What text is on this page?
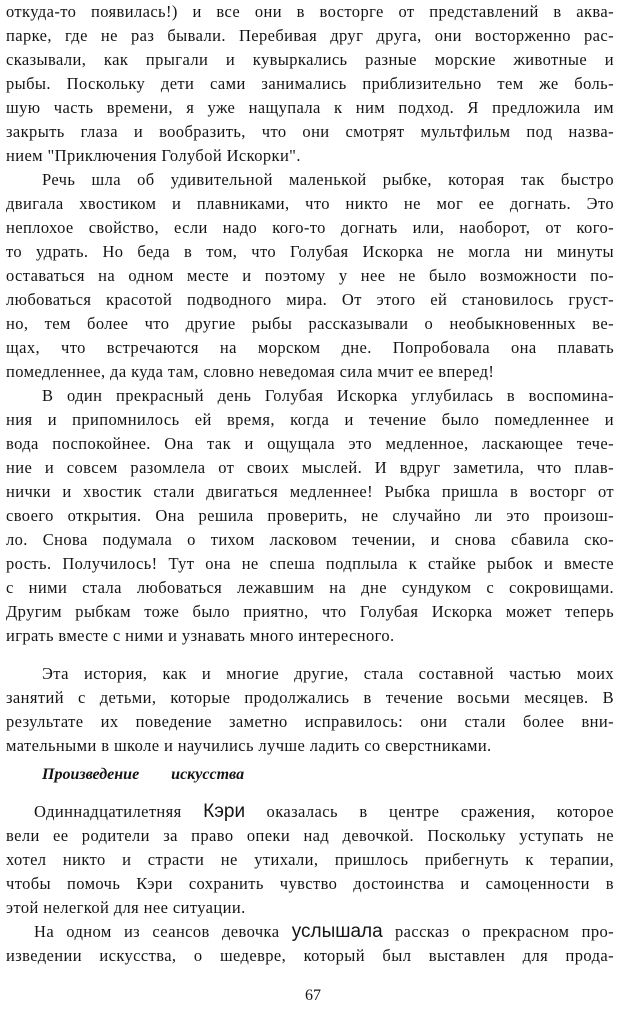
откуда-то появилась!) и все они в восторге от представлений в аква-
парке, где не раз бывали. Перебивая друг друга, они восторженно рас-
сказывали, как прыгали и кувыркались разные морские животные и
рыбы. Поскольку дети сами занимались приблизительно тем же боль-
шую часть времени, я уже нащупала к ним подход. Я предложила им
закрыть глаза и вообразить, что они смотрят мультфильм под назва-
нием "Приключения Голубой Искорки".
Речь шла об удивительной маленькой рыбке, которая так быстро
двигала хвостиком и плавниками, что никто не мог ее догнать. Это
неплохое свойство, если надо кого-то догнать или, наоборот, от кого-
то удрать. Но беда в том, что Голубая Искорка не могла ни минуты
оставаться на одном месте и поэтому у нее не было возможности по-
любоваться красотой подводного мира. От этого ей становилось груст-
но, тем более что другие рыбы рассказывали о необыкновенных ве-
щах, что встречаются на морском дне. Попробовала она плавать
помедленнее, да куда там, словно неведомая сила мчит ее вперед!
В один прекрасный день Голубая Искорка углубилась в воспомина-
ния и припомнилось ей время, когда и течение было помедленнее и
вода поспокойнее. Она так и ощущала это медленное, ласкающее тече-
ние и совсем разомлела от своих мыслей. И вдруг заметила, что плав-
нички и хвостик стали двигаться медленнее! Рыбка пришла в восторг от
своего открытия. Она решила проверить, не случайно ли это произош-
ло. Снова подумала о тихом ласковом течении, и снова сбавила ско-
рость. Получилось! Тут она не спеша подплыла к стайке рыбок и вместе
с ними стала любоваться лежавшим на дне сундуком с сокровищами.
Другим рыбкам тоже было приятно, что Голубая Искорка может теперь
играть вместе с ними и узнавать много интересного.
Эта история, как и многие другие, стала составной частью моих
занятий с детьми, которые продолжались в течение восьми месяцев. В
результате их поведение заметно исправилось: они стали более вни-
мательными в школе и научились лучше ладить со сверстниками.
Произведение искусства
Одиннадцатилетняя Кэри оказалась в центре сражения, которое
вели ее родители за право опеки над девочкой. Поскольку уступать не
хотел никто и страсти не утихали, пришлось прибегнуть к терапии,
чтобы помочь Кэри сохранить чувство достоинства и самоценности в
этой нелегкой для нее ситуации.
На одном из сеансов девочка услышала рассказ о прекрасном про-
изведении искусства, о шедевре, который был выставлен для прода-
67
